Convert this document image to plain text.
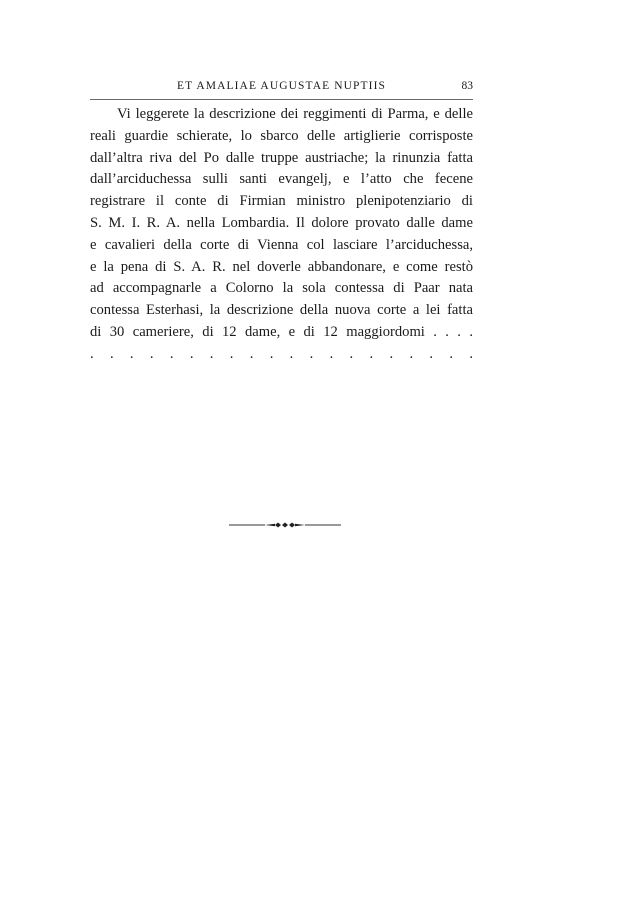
ET AMALIAE AUGUSTAE NUPTIIS	83
Vi leggerete la descrizione dei reggimenti di Parma, e delle
reali guardie schierate, lo sbarco delle artiglierie corrisposte
dall’altra riva del Po dalle truppe austriache; la rinunzia fatta
dall’arciduchessa sulli santi evangelj, e l’atto che fecene
registrare il conte di Firmian ministro plenipotenziario di
S. M. I. R. A. nella Lombardia. Il dolore provato dalle dame
e cavalieri della corte di Vienna col lasciare l’arciduchessa,
e la pena di S. A. R. nel doverle abbandonare, e come restò
ad accompagnarle a Colorno la sola contessa di Paar nata
contessa Esterhasi, la descrizione della nuova corte a lei fatta
di 30 cameriere, di 12 dame, e di 12 maggiordomi . . . .
. . . . . . . . . . . . . . . . . . . .
